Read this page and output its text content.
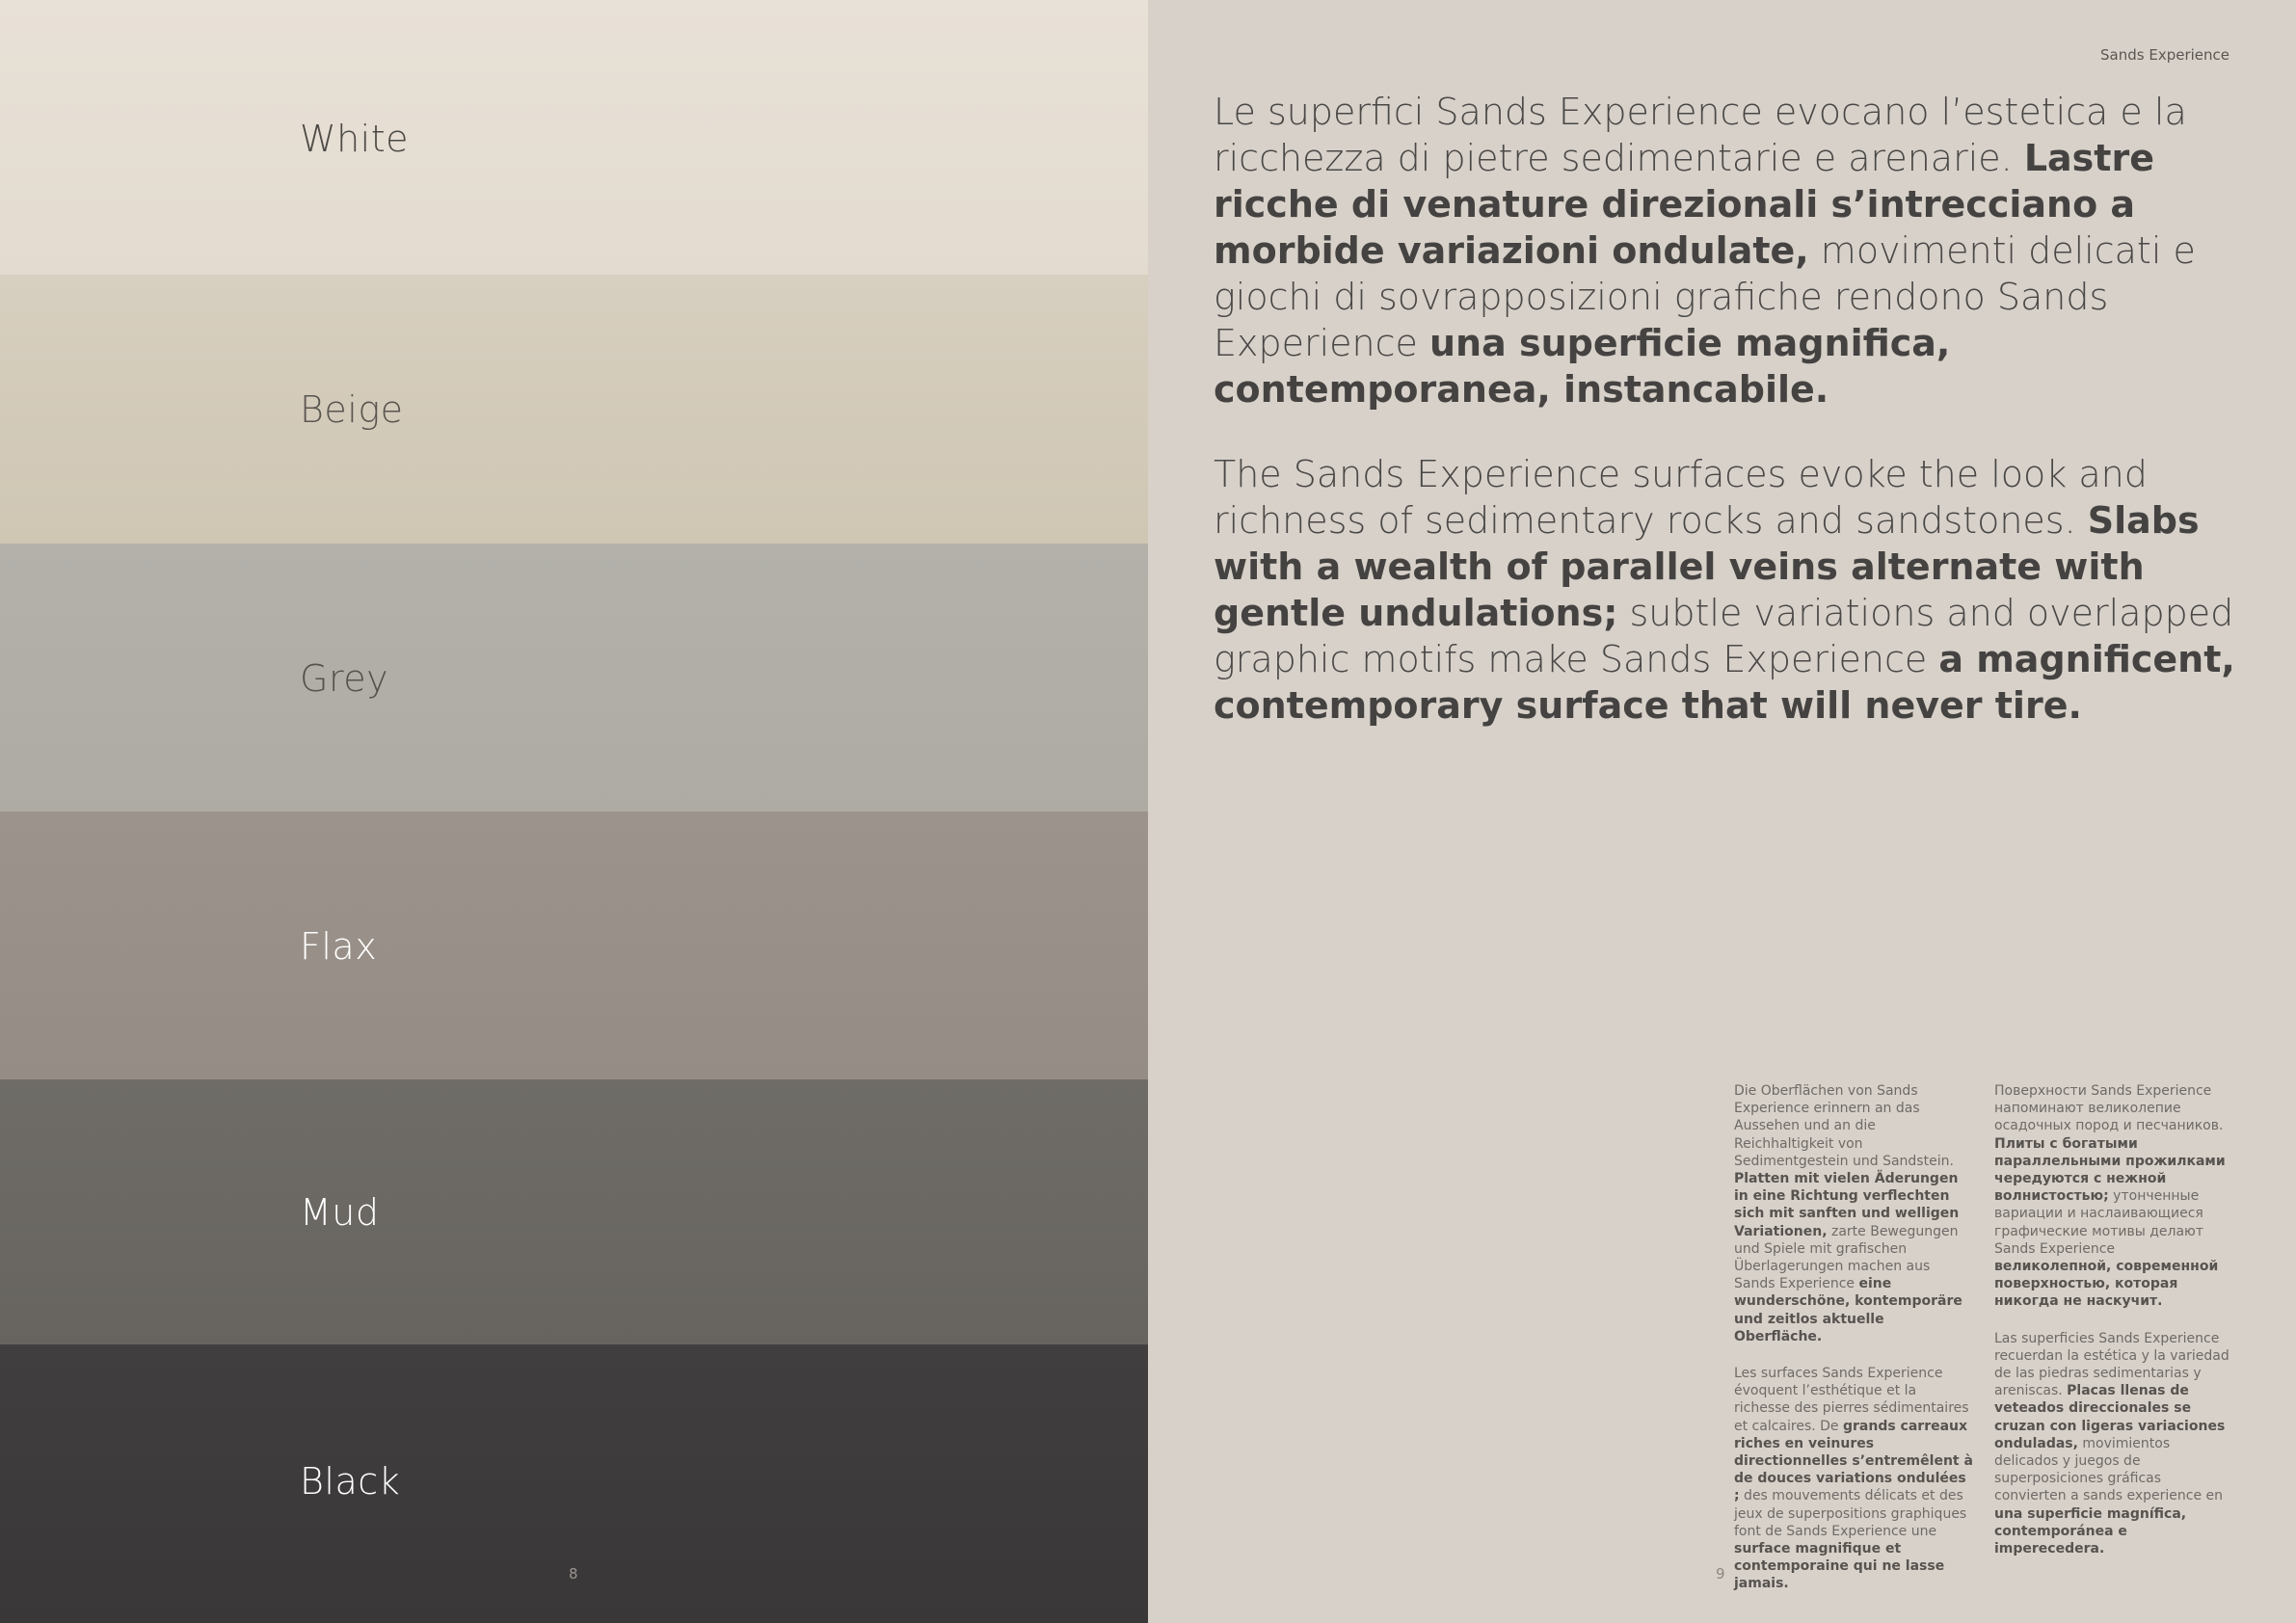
White
Beige
Grey
Flax
Mud
Black
8
Sands Experience

Le superfici Sands Experience evocano l’estetica e la ricchezza di pietre sedimentarie e arenarie. Lastre ricche di venature direzionali s’intrecciano a morbide variazioni ondulate, movimenti delicati e giochi di sovrapposizioni grafiche rendono Sands Experience una superficie magnifica, contemporanea, instancabile.

The Sands Experience surfaces evoke the look and richness of sedimentary rocks and sandstones. Slabs with a wealth of parallel veins alternate with gentle undulations; subtle variations and overlapped graphic motifs make Sands Experience a magnificent, contemporary surface that will never tire.

Die Oberflächen von Sands Experience erinnern an das Aussehen und an die Reichhaltigkeit von Sedimentgestein und Sandstein. Platten mit vielen Äderungen in eine Richtung verflechten sich mit sanften und welligen Variationen, zarte Bewegungen und Spiele mit grafischen Überlagerungen machen aus Sands Experience eine wunderschöne, kontemporäre und zeitlos aktuelle Oberfläche.

Les surfaces Sands Experience évoquent l’esthétique et la richesse des pierres sédimentaires et calcaires. De grands carreaux riches en veinures directionnelles s’entremêlent à de douces variations ondulées ; des mouvements délicats et des jeux de superpositions graphiques font de Sands Experience une surface magnifique et contemporaine qui ne lasse jamais.

Поверхности Sands Experience напоминают великолепие осадочных пород и песчаников. Плиты с богатыми параллельными прожилками чередуются с нежной волнистостью; утонченные вариации и наслаивающиеся графические мотивы делают Sands Experience великолепной, современной поверхностью, которая никогда не наскучит.

Las superficies Sands Experience recuerdan la estética y la variedad de las piedras sedimentarias y areniscas. Placas llenas de veteados direccionales se cruzan con ligeras variaciones onduladas, movimientos delicados y juegos de superposiciones gráficas convierten a sands experience en una superficie magnífica, contemporánea e imperecedera.

9
